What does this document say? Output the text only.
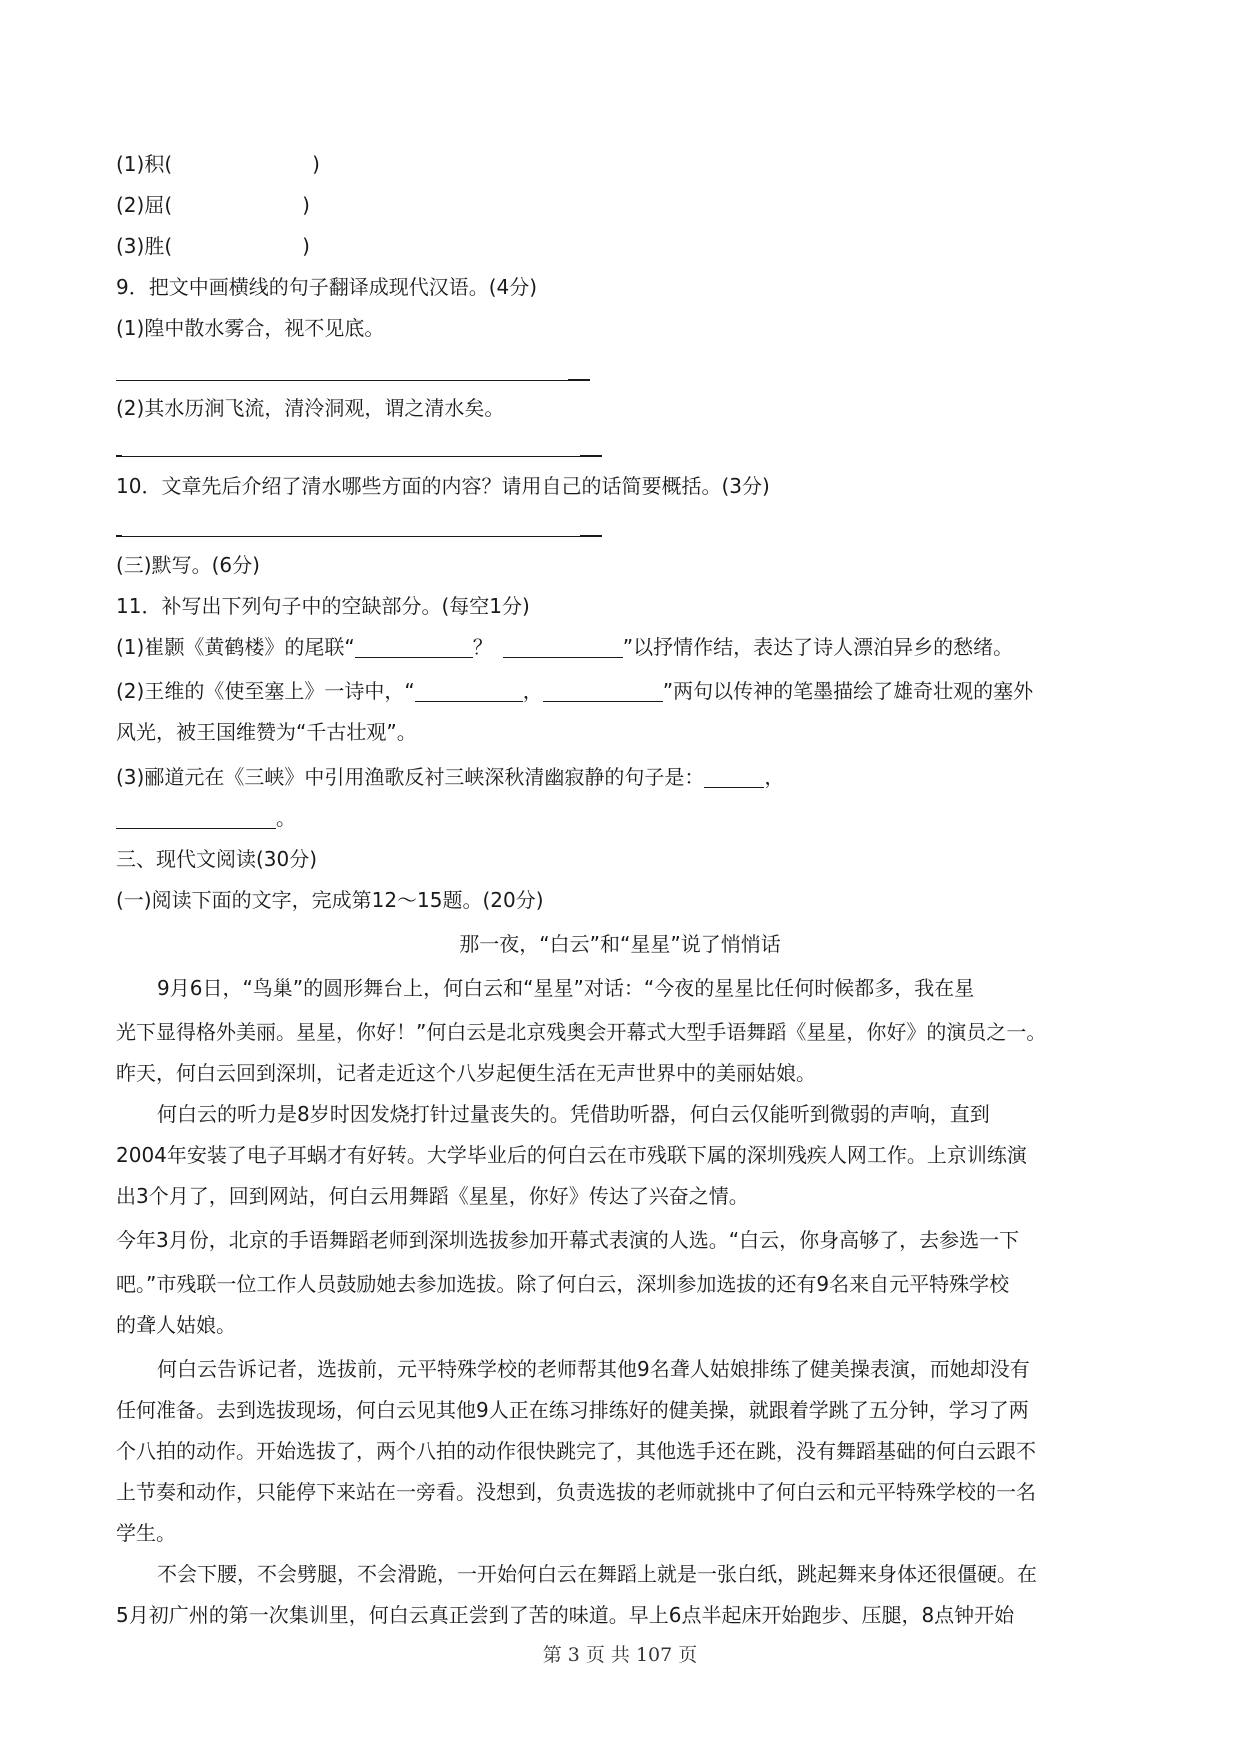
(1)积(	)
(2)屈(	)
(3)胜(	)
9．把文中画横线的句子翻译成现代汉语。(4分)
(1)隍中散水雾合，视不见底。
(2)其水历涧飞流，清泠洞观，谓之清水矣。
10．文章先后介绍了清水哪些方面的内容？请用自己的话简要概括。(3分)
(三)默写。(6分)
11．补写出下列句子中的空缺部分。(每空1分)
(1)崔颢《黄鹤楼》的尾联“	？	”以抒情作结，表达了诗人漂泊异乡的愁绪。
(2)王维的《使至塞上》一诗中，“	，	”两句以传神的笔墨描绘了雄奇壮观的塞外
风光，被王国维赞为“千古壮观”。
(3)郦道元在《三峡》中引用渔歌反衬三峡深秋清幽寂静的句子是：	，
。
三、现代文阅读(30分)
(一)阅读下面的文字，完成第12～15题。(20分)
那一夜，“白云”和“星星”说了悄悄话
9月6日，“鸟巢”的圆形舞台上，何白云和“星星”对话：“今夜的星星比任何时候都多，我在星
光下显得格外美丽。星星，你好！”何白云是北京残奥会开幕式大型手语舞蹈《星星，你好》的演员之一。
昨天，何白云回到深圳，记者走近这个八岁起便生活在无声世界中的美丽姑娘。
何白云的听力是8岁时因发烧打针过量丧失的。凭借助听器，何白云仅能听到微弱的声响，直到
2004年安装了电子耳蜗才有好转。大学毕业后的何白云在市残联下属的深圳残疾人网工作。上京训练演
出3个月了，回到网站，何白云用舞蹈《星星，你好》传达了兴奋之情。
今年3月份，北京的手语舞蹈老师到深圳选拔参加开幕式表演的人选。“白云，你身高够了，去参选一下
吧。”市残联一位工作人员鼓励她去参加选拔。除了何白云，深圳参加选拔的还有9名来自元平特殊学校
的聋人姑娘。
何白云告诉记者，选拔前，元平特殊学校的老师帮其他9名聋人姑娘排练了健美操表演，而她却没有
任何准备。去到选拔现场，何白云见其他9人正在练习排练好的健美操，就跟着学跳了五分钟，学习了两
个八拍的动作。开始选拔了，两个八拍的动作很快跳完了，其他选手还在跳，没有舞蹈基础的何白云跟不
上节奏和动作，只能停下来站在一旁看。没想到，负责选拔的老师就挑中了何白云和元平特殊学校的一名
学生。
不会下腰，不会劈腿，不会滑跪，一开始何白云在舞蹈上就是一张白纸，跳起舞来身体还很僵硬。在
5月初广州的第一次集训里，何白云真正尝到了苦的味道。早上6点半起床开始跑步、压腿，8点钟开始
第 3 页 共 107 页
